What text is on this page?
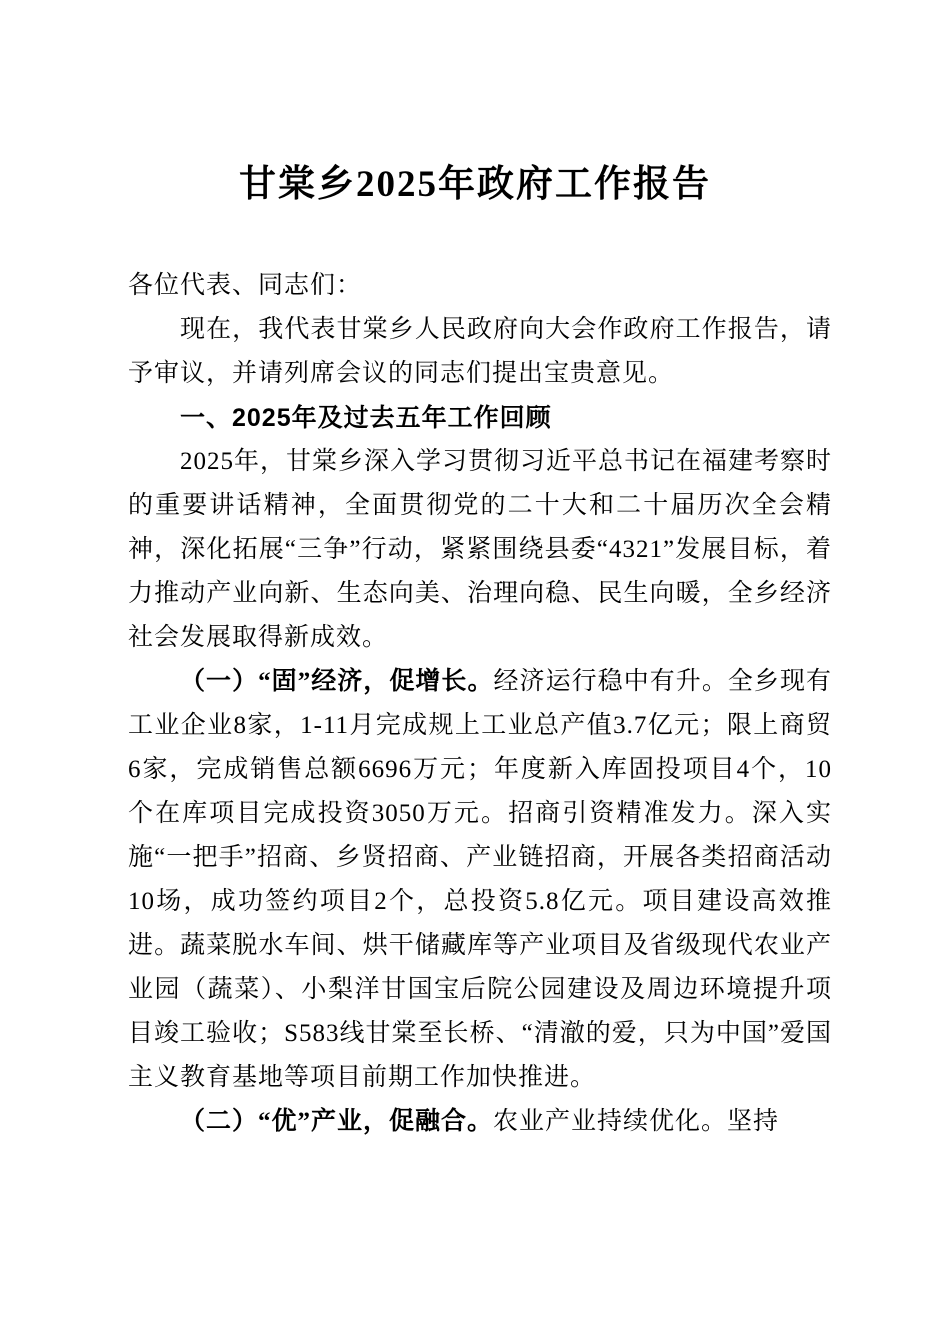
甘棠乡2025年政府工作报告

各位代表、同志们：

现在，我代表甘棠乡人民政府向大会作政府工作报告，请予审议，并请列席会议的同志们提出宝贵意见。

一、2025年及过去五年工作回顾

2025年，甘棠乡深入学习贯彻习近平总书记在福建考察时的重要讲话精神，全面贯彻党的二十大和二十届历次全会精神，深化拓展“三争”行动，紧紧围绕县委“4321”发展目标，着力推动产业向新、生态向美、治理向稳、民生向暖，全乡经济社会发展取得新成效。

（一）“固”经济，促增长。经济运行稳中有升。全乡现有工业企业8家，1-11月完成规上工业总产值3.7亿元；限上商贸6家，完成销售总额6696万元；年度新入库固投项目4个，10个在库项目完成投资3050万元。招商引资精准发力。深入实施“一把手”招商、乡贤招商、产业链招商，开展各类招商活动10场，成功签约项目2个，总投资5.8亿元。项目建设高效推进。蔬菜脱水车间、烘干储藏库等产业项目及省级现代农业产业园（蔬菜）、小梨洋甘国宝后院公园建设及周边环境提升项目竣工验收；S583线甘棠至长桥、“清澈的爱，只为中国”爱国主义教育基地等项目前期工作加快推进。

（二）“优”产业，促融合。农业产业持续优化。坚持
